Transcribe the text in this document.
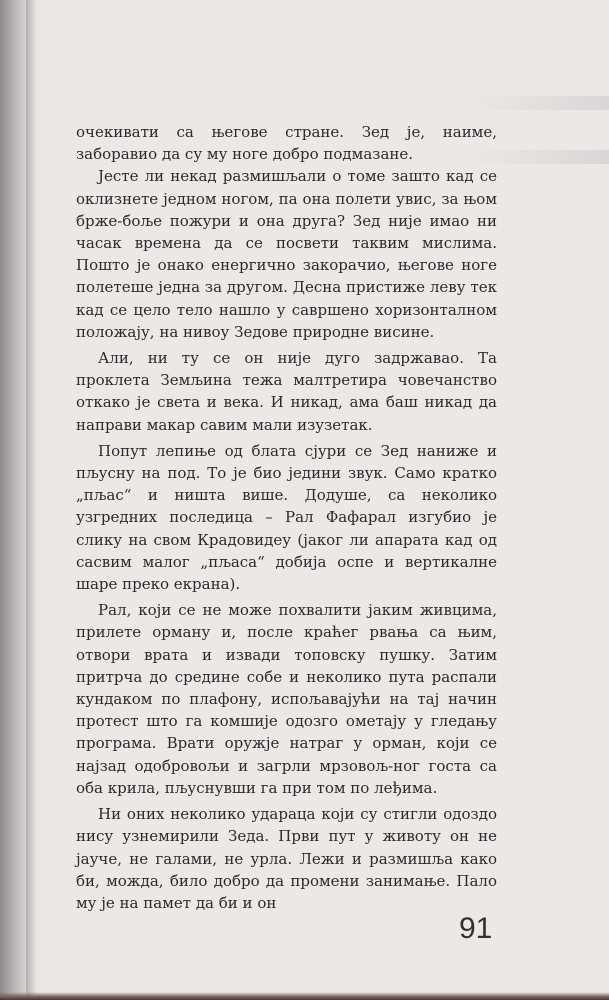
очекивати са његове стране. Зед је, наиме, заборавио да су му ноге добро подмазане.

Јесте ли некад размишљали о томе зашто кад се оклизнете једном ногом, па она полети увис, за њом брже-боље пожури и она друга? Зед није имао ни часак времена да се посвети таквим мислима. Пошто је онако енергично закорачио, његове ноге полетеше једна за другом. Десна пристиже леву тек кад се цело тело нашло у савршено хоризонталном положају, на нивоу Зедове природне висине.

Али, ни ту се он није дуго задржавао. Та проклета Земљина тежа малтретира човечанство откако је света и века. И никад, ама баш никад да направи макар савим мали изузетак.

Попут лепиње од блата сјури се Зед наниже и пљусну на под. То је био једини звук. Само кратко „пљас“ и ништа више. Додуше, са неколико узгредних последица – Рал Фафарал изгубио је слику на свом Крадовидеу (јаког ли апарата кад од сасвим малог „пљаса“ добија оспе и вертикалне шаре преко екрана).

Рал, који се не може похвалити јаким живцима, прилете орману и, после краћег рвања са њим, отвори врата и извади топовску пушку. Затим притрча до средине собе и неколико пута распали кундаком по плафону, испољавајући на тај начин протест што га комшије одозго ометају у гледању програма. Врати оружје натраг у орман, који се најзад одобровољи и загрли мрзовољ-ног госта са оба крила, пљуснувши га при том по леђима.

Ни оних неколико удараца који су стигли одоздо нису узнемирили Зеда. Први пут у животу он не јауче, не галами, не урла. Лежи и размишља како би, можда, било добро да промени занимање. Пало му је на памет да би и он

91
